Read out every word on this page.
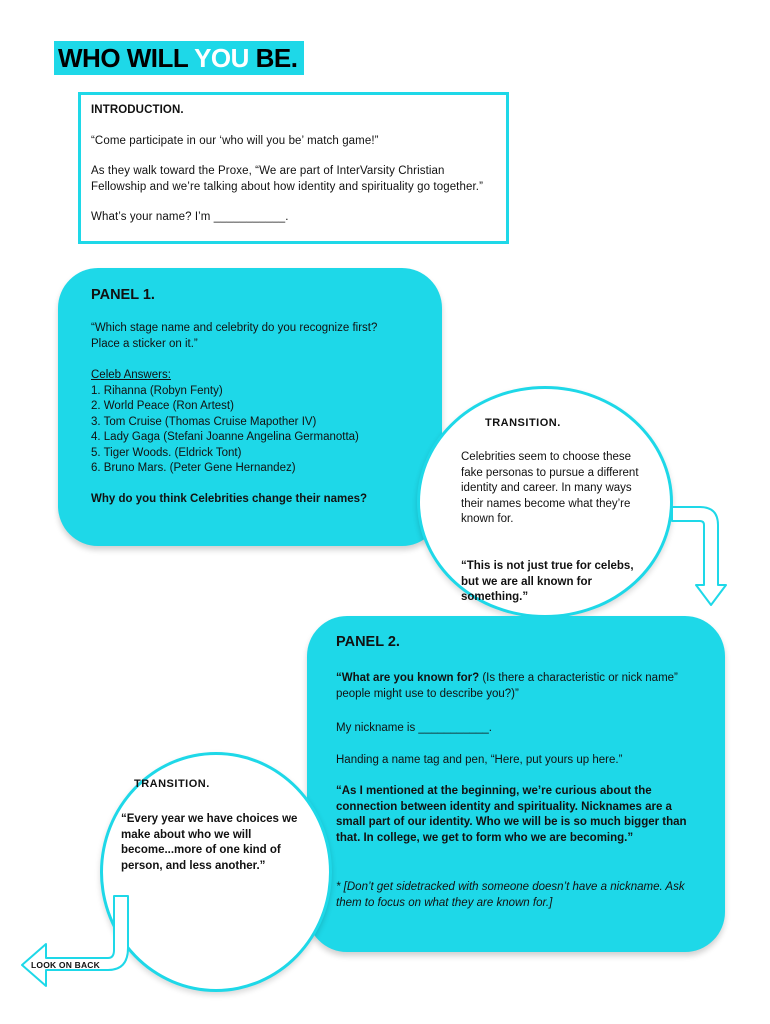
WHO WILL YOU BE.

INTRODUCTION.

“Come participate in our ‘who will you be’ match game!”

As they walk toward the Proxe, “We are part of InterVarsity Christian Fellowship and we’re talking about how identity and spirituality go together.”

What’s your name? I’m ___________.

PANEL 1.

“Which stage name and celebrity do you recognize first? Place a sticker on it.”

Celeb Answers:

1. Rihanna (Robyn Fenty)

2. World Peace (Ron Artest)

3. Tom Cruise (Thomas Cruise Mapother IV)

4. Lady Gaga (Stefani Joanne Angelina Germanotta)

5. Tiger Woods. (Eldrick Tont)

6. Bruno Mars. (Peter Gene Hernandez)

Why do you think Celebrities change their names?

TRANSITION.

Celebrities seem to choose these fake personas to pursue a different identity and career. In many ways their names become what they’re known for.

“This is not just true for celebs, but we are all known for something.”

PANEL 2.

“What are you known for? (Is there a characteristic or nick name” people might use to describe you?)”

My nickname is ___________.

Handing a name tag and pen, “Here, put yours up here.”

“As I mentioned at the beginning, we’re curious about the connection between identity and spirituality. Nicknames are a small part of our identity. Who we will be is so much bigger than that. In college, we get to form who we are becoming.”

* [Don’t get sidetracked with someone doesn’t have a nickname. Ask them to focus on what they are known for.]

TRANSITION.

“Every year we have choices we make about who we will become...more of one kind of person, and less another.”

LOOK ON BACK
